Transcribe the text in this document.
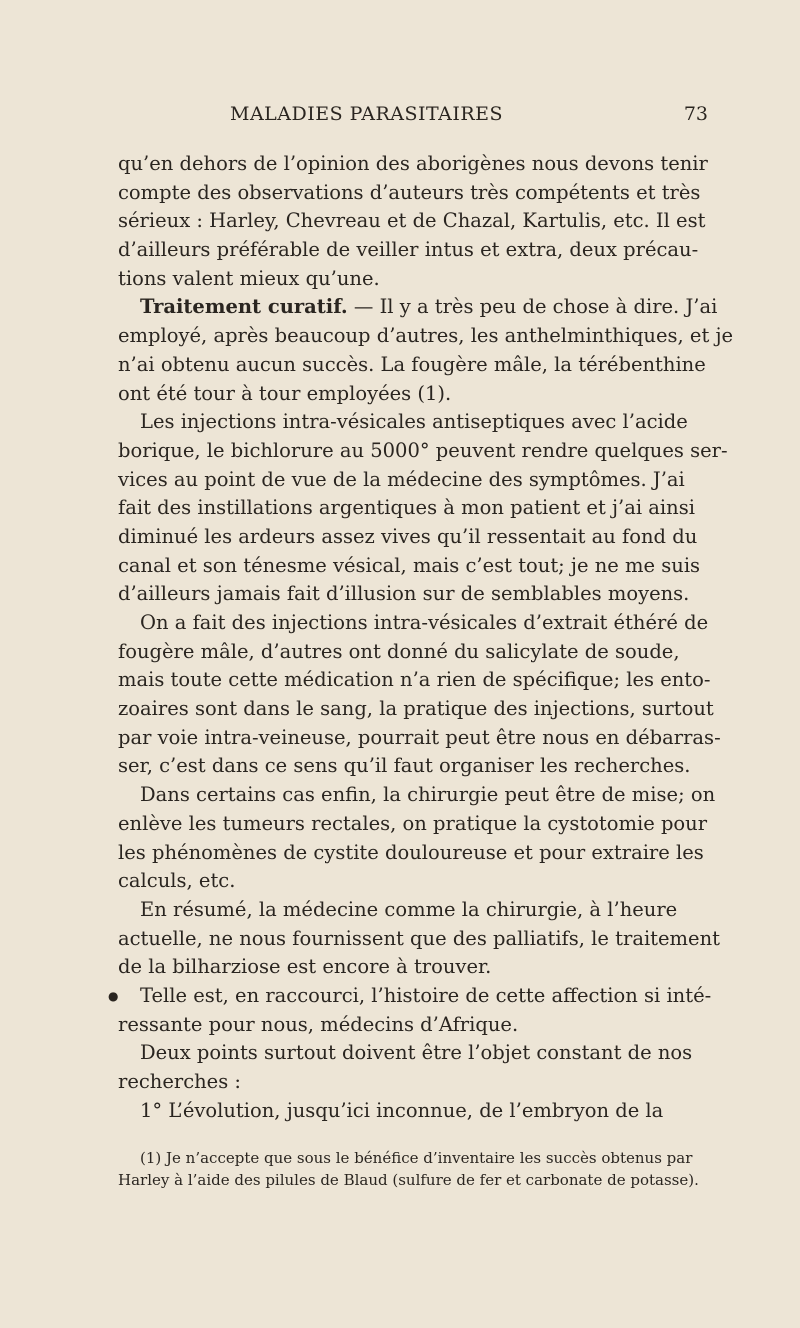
MALADIES PARASITAIRES	73
qu’en dehors de l’opinion des aborigènes nous devons tenir
compte des observations d’auteurs très compétents et très
sérieux : Harley, Chevreau et de Chazal, Kartulis, etc. Il est
d’ailleurs préférable de veiller intus et extra, deux précau-
tions valent mieux qu’une.
Traitement curatif. — Il y a très peu de chose à dire. J’ai
employé, après beaucoup d’autres, les anthelminthiques, et je
n’ai obtenu aucun succès. La fougère mâle, la térébenthine
ont été tour à tour employées (1).
Les injections intra-vésicales antiseptiques avec l’acide
borique, le bichlorure au 5000° peuvent rendre quelques ser-
vices au point de vue de la médecine des symptômes. J’ai
fait des instillations argentiques à mon patient et j’ai ainsi
diminué les ardeurs assez vives qu’il ressentait au fond du
canal et son ténesme vésical, mais c’est tout; je ne me suis
d’ailleurs jamais fait d’illusion sur de semblables moyens.
On a fait des injections intra-vésicales d’extrait éthéré de
fougère mâle, d’autres ont donné du salicylate de soude,
mais toute cette médication n’a rien de spécifique; les ento-
zoaires sont dans le sang, la pratique des injections, surtout
par voie intra-veineuse, pourrait peut être nous en débarras-
ser, c’est dans ce sens qu’il faut organiser les recherches.
Dans certains cas enfin, la chirurgie peut être de mise; on
enlève les tumeurs rectales, on pratique la cystotomie pour
les phénomènes de cystite douloureuse et pour extraire les
calculs, etc.
En résumé, la médecine comme la chirurgie, à l’heure
actuelle, ne nous fournissent que des palliatifs, le traitement
de la bilharziose est encore à trouver.
● Telle est, en raccourci, l’histoire de cette affection si inté-
ressante pour nous, médecins d’Afrique.
Deux points surtout doivent être l’objet constant de nos
recherches :
1° L’évolution, jusqu’ici inconnue, de l’embryon de la
(1) Je n’accepte que sous le bénéfice d’inventaire les succès obtenus par
Harley à l’aide des pilules de Blaud (sulfure de fer et carbonate de potasse).
